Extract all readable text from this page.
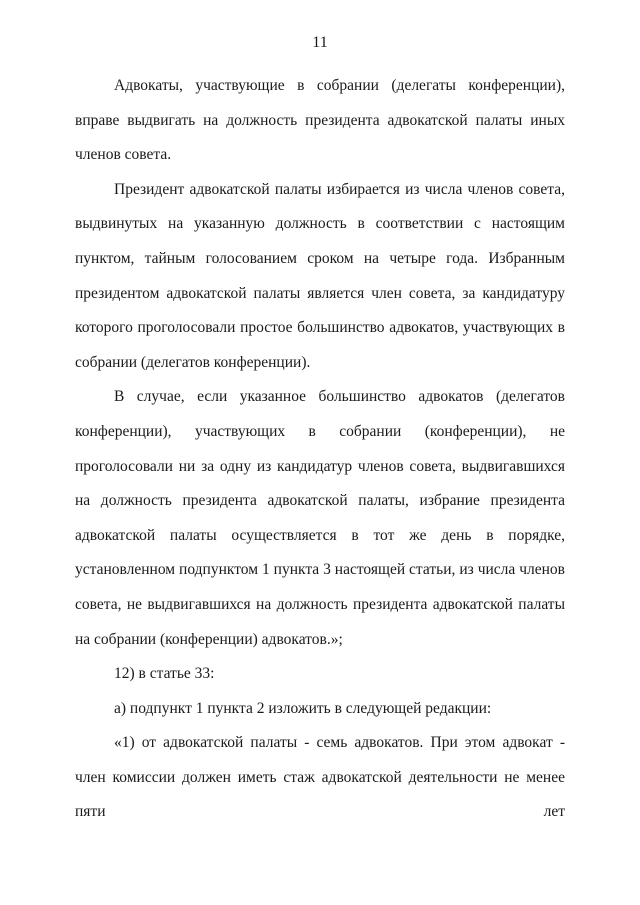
11

Адвокаты, участвующие в собрании (делегаты конференции), вправе выдвигать на должность президента адвокатской палаты иных членов совета.

Президент адвокатской палаты избирается из числа членов совета, выдвинутых на указанную должность в соответствии с настоящим пунктом, тайным голосованием сроком на четыре года. Избранным президентом адвокатской палаты является член совета, за кандидатуру которого проголосовали простое большинство адвокатов, участвующих в собрании (делегатов конференции).

В случае, если указанное большинство адвокатов (делегатов конференции), участвующих в собрании (конференции), не проголосовали ни за одну из кандидатур членов совета, выдвигавшихся на должность президента адвокатской палаты, избрание президента адвокатской палаты осуществляется в тот же день в порядке, установленном подпунктом 1 пункта 3 настоящей статьи, из числа членов совета, не выдвигавшихся на должность президента адвокатской палаты на собрании (конференции) адвокатов.»;

12) в статье 33:

а) подпункт 1 пункта 2 изложить в следующей редакции:

«1) от адвокатской палаты - семь адвокатов. При этом адвокат - член комиссии должен иметь стаж адвокатской деятельности не менее пяти лет
